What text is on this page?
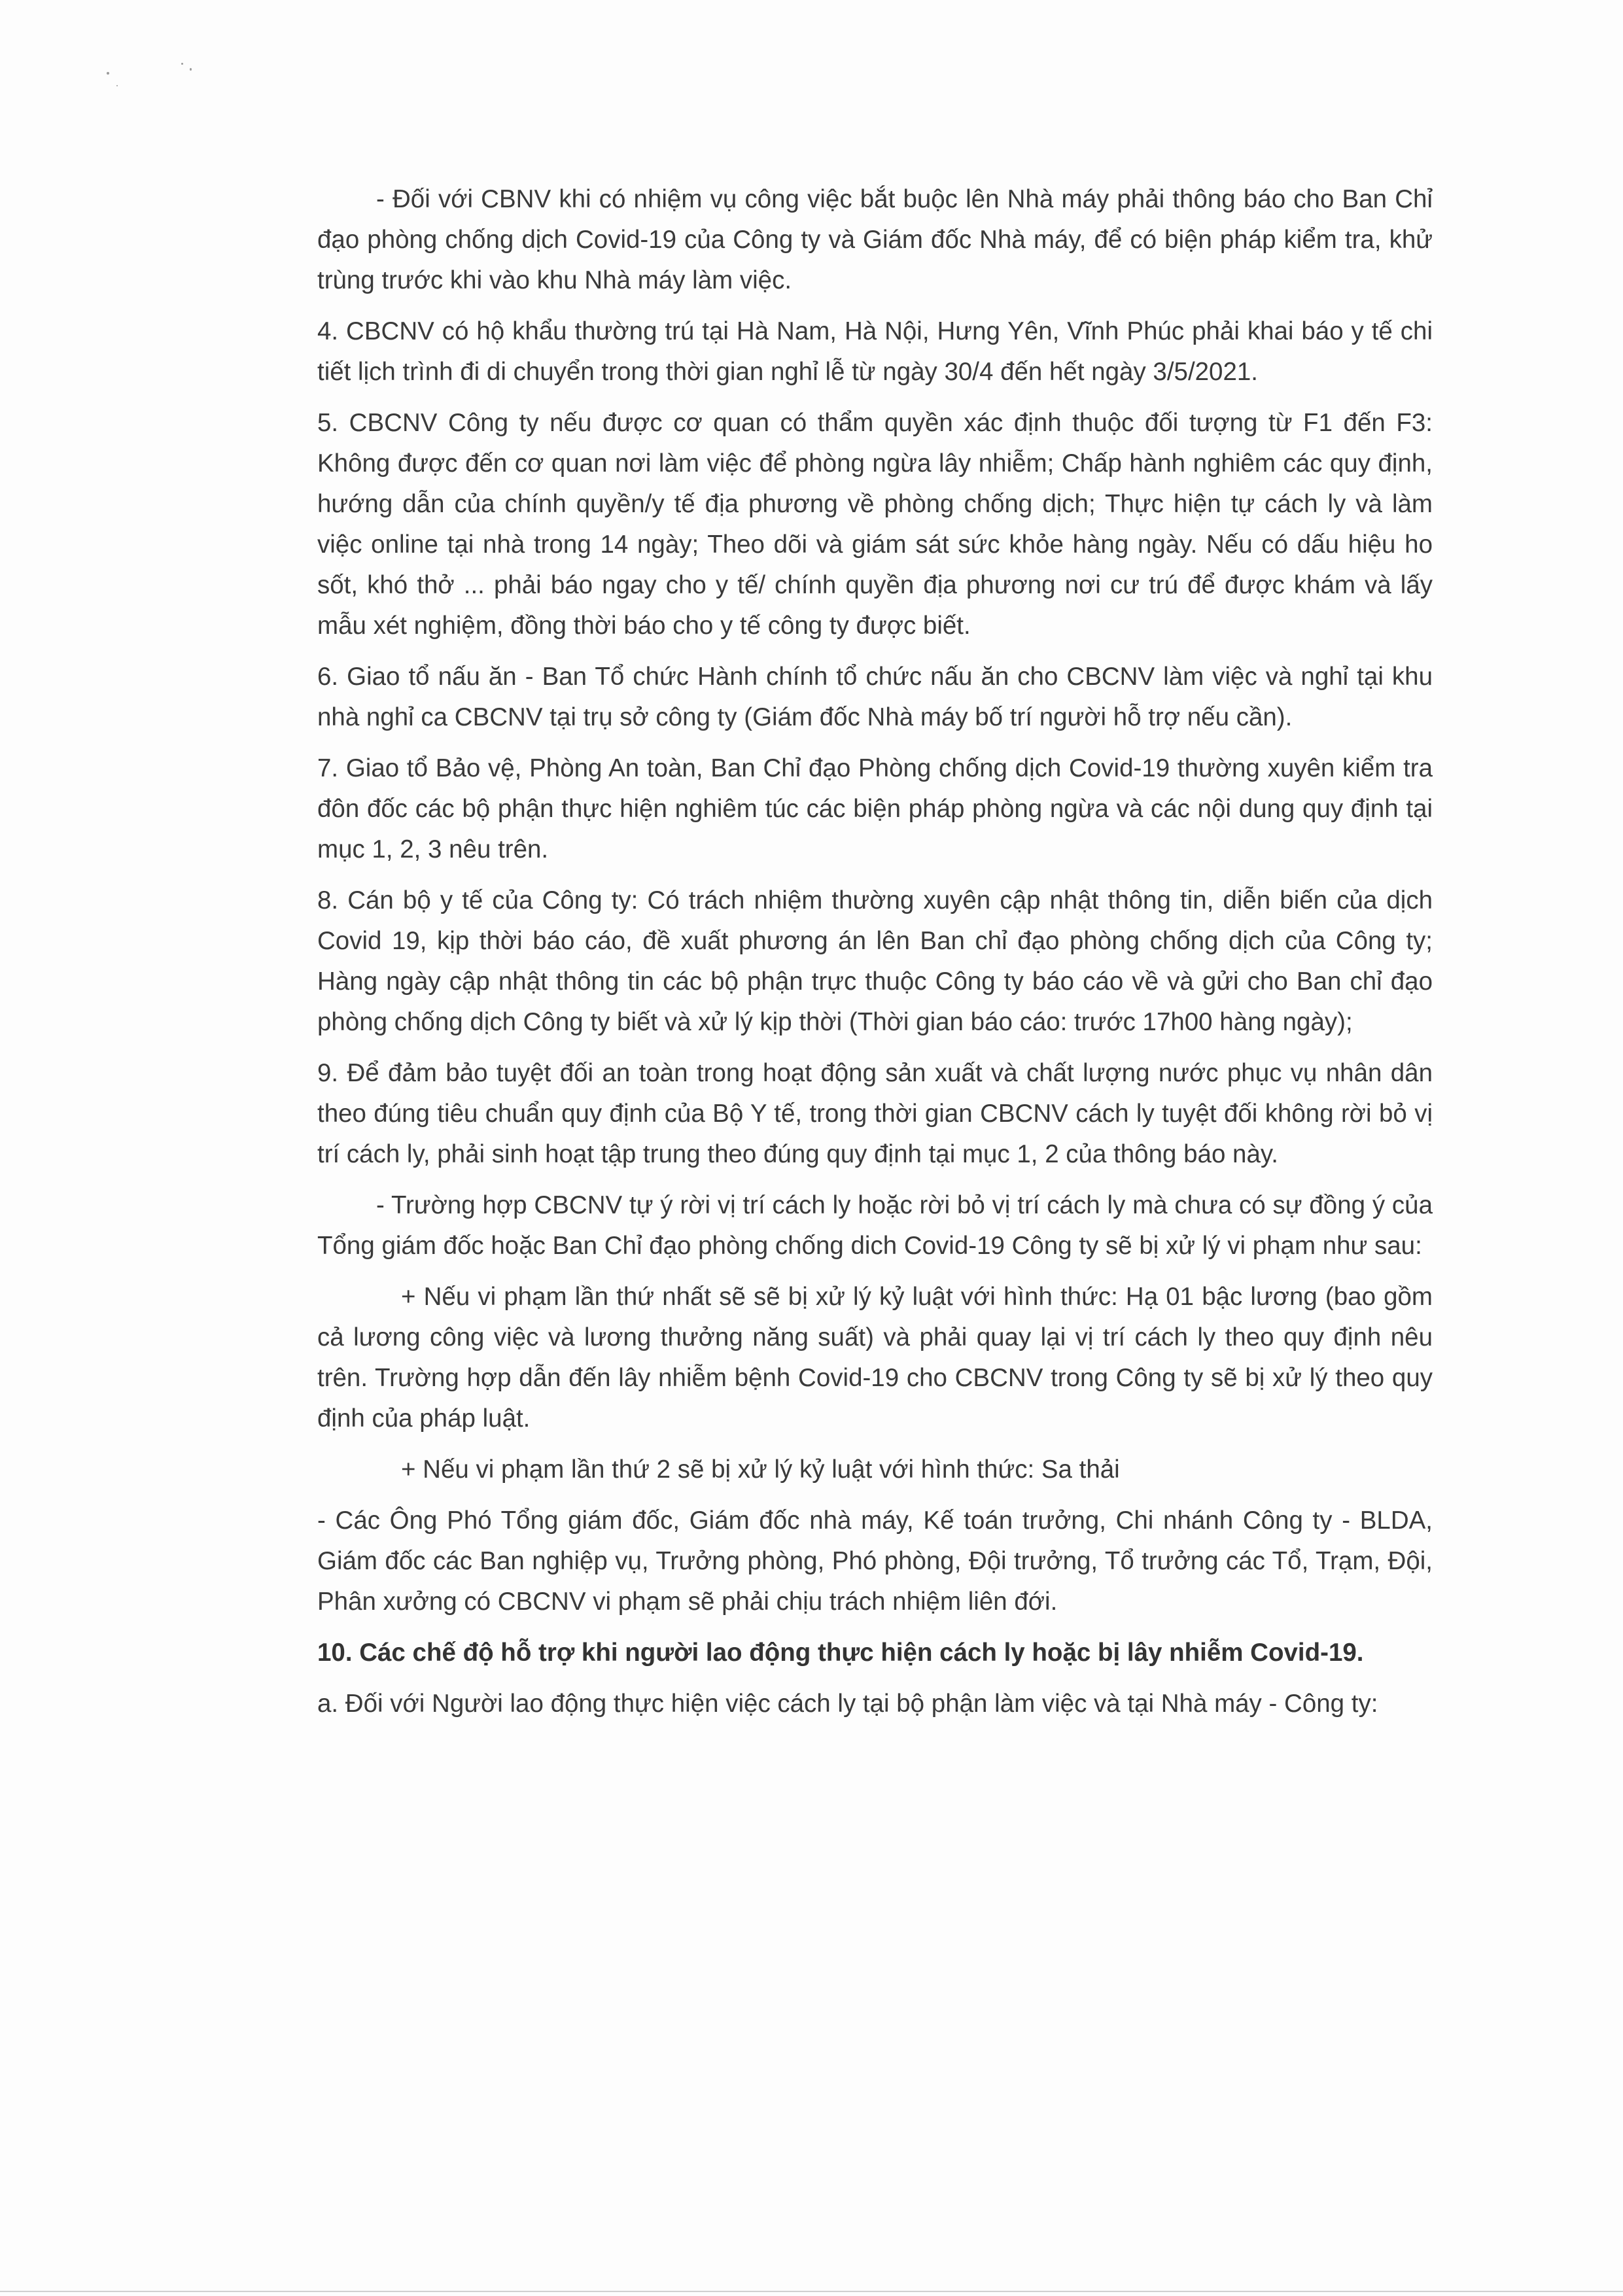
- Đối với CBNV khi có nhiệm vụ công việc bắt buộc lên Nhà máy phải thông báo cho Ban Chỉ đạo phòng chống dịch Covid-19 của Công ty và Giám đốc Nhà máy, để có biện pháp kiểm tra, khử trùng trước khi vào khu Nhà máy làm việc.

4. CBCNV có hộ khẩu thường trú tại Hà Nam, Hà Nội, Hưng Yên, Vĩnh Phúc phải khai báo y tế chi tiết lịch trình đi di chuyển trong thời gian nghỉ lễ từ ngày 30/4 đến hết ngày 3/5/2021.

5. CBCNV Công ty nếu được cơ quan có thẩm quyền xác định thuộc đối tượng từ F1 đến F3: Không được đến cơ quan nơi làm việc để phòng ngừa lây nhiễm; Chấp hành nghiêm các quy định, hướng dẫn của chính quyền/y tế địa phương về phòng chống dịch; Thực hiện tự cách ly và làm việc online tại nhà trong 14 ngày; Theo dõi và giám sát sức khỏe hàng ngày. Nếu có dấu hiệu ho sốt, khó thở ... phải báo ngay cho y tế/ chính quyền địa phương nơi cư trú để được khám và lấy mẫu xét nghiệm, đồng thời báo cho y tế công ty được biết.

6. Giao tổ nấu ăn - Ban Tổ chức Hành chính tổ chức nấu ăn cho CBCNV làm việc và nghỉ tại khu nhà nghỉ ca CBCNV tại trụ sở công ty (Giám đốc Nhà máy bố trí người hỗ trợ nếu cần).

7. Giao tổ Bảo vệ, Phòng An toàn, Ban Chỉ đạo Phòng chống dịch Covid-19 thường xuyên kiểm tra đôn đốc các bộ phận thực hiện nghiêm túc các biện pháp phòng ngừa và các nội dung quy định tại mục 1, 2, 3 nêu trên.

8. Cán bộ y tế của Công ty: Có trách nhiệm thường xuyên cập nhật thông tin, diễn biến của dịch Covid 19, kịp thời báo cáo, đề xuất phương án lên Ban chỉ đạo phòng chống dịch của Công ty; Hàng ngày cập nhật thông tin các bộ phận trực thuộc Công ty báo cáo về và gửi cho Ban chỉ đạo phòng chống dịch Công ty biết và xử lý kịp thời (Thời gian báo cáo: trước 17h00 hàng ngày);

9. Để đảm bảo tuyệt đối an toàn trong hoạt động sản xuất và chất lượng nước phục vụ nhân dân theo đúng tiêu chuẩn quy định của Bộ Y tế, trong thời gian CBCNV cách ly tuyệt đối không rời bỏ vị trí cách ly, phải sinh hoạt tập trung theo đúng quy định tại mục 1, 2 của thông báo này.

- Trường hợp CBCNV tự ý rời vị trí cách ly hoặc rời bỏ vị trí cách ly mà chưa có sự đồng ý của Tổng giám đốc hoặc Ban Chỉ đạo phòng chống dich Covid-19 Công ty sẽ bị xử lý vi phạm như sau:

+ Nếu vi phạm lần thứ nhất sẽ sẽ bị xử lý kỷ luật với hình thức: Hạ 01 bậc lương (bao gồm cả lương công việc và lương thưởng năng suất) và phải quay lại vị trí cách ly theo quy định nêu trên. Trường hợp dẫn đến lây nhiễm bệnh Covid-19 cho CBCNV trong Công ty sẽ bị xử lý theo quy định của pháp luật.

+ Nếu vi phạm lần thứ 2 sẽ bị xử lý kỷ luật với hình thức: Sa thải

- Các Ông Phó Tổng giám đốc, Giám đốc nhà máy, Kế toán trưởng, Chi nhánh Công ty - BLDA, Giám đốc các Ban nghiệp vụ, Trưởng phòng, Phó phòng, Đội trưởng, Tổ trưởng các Tổ, Trạm, Đội, Phân xưởng có CBCNV vi phạm sẽ phải chịu trách nhiệm liên đới.

10. Các chế độ hỗ trợ khi người lao động thực hiện cách ly hoặc bị lây nhiễm Covid-19.

a. Đối với Người lao động thực hiện việc cách ly tại bộ phận làm việc và tại Nhà máy - Công ty:
